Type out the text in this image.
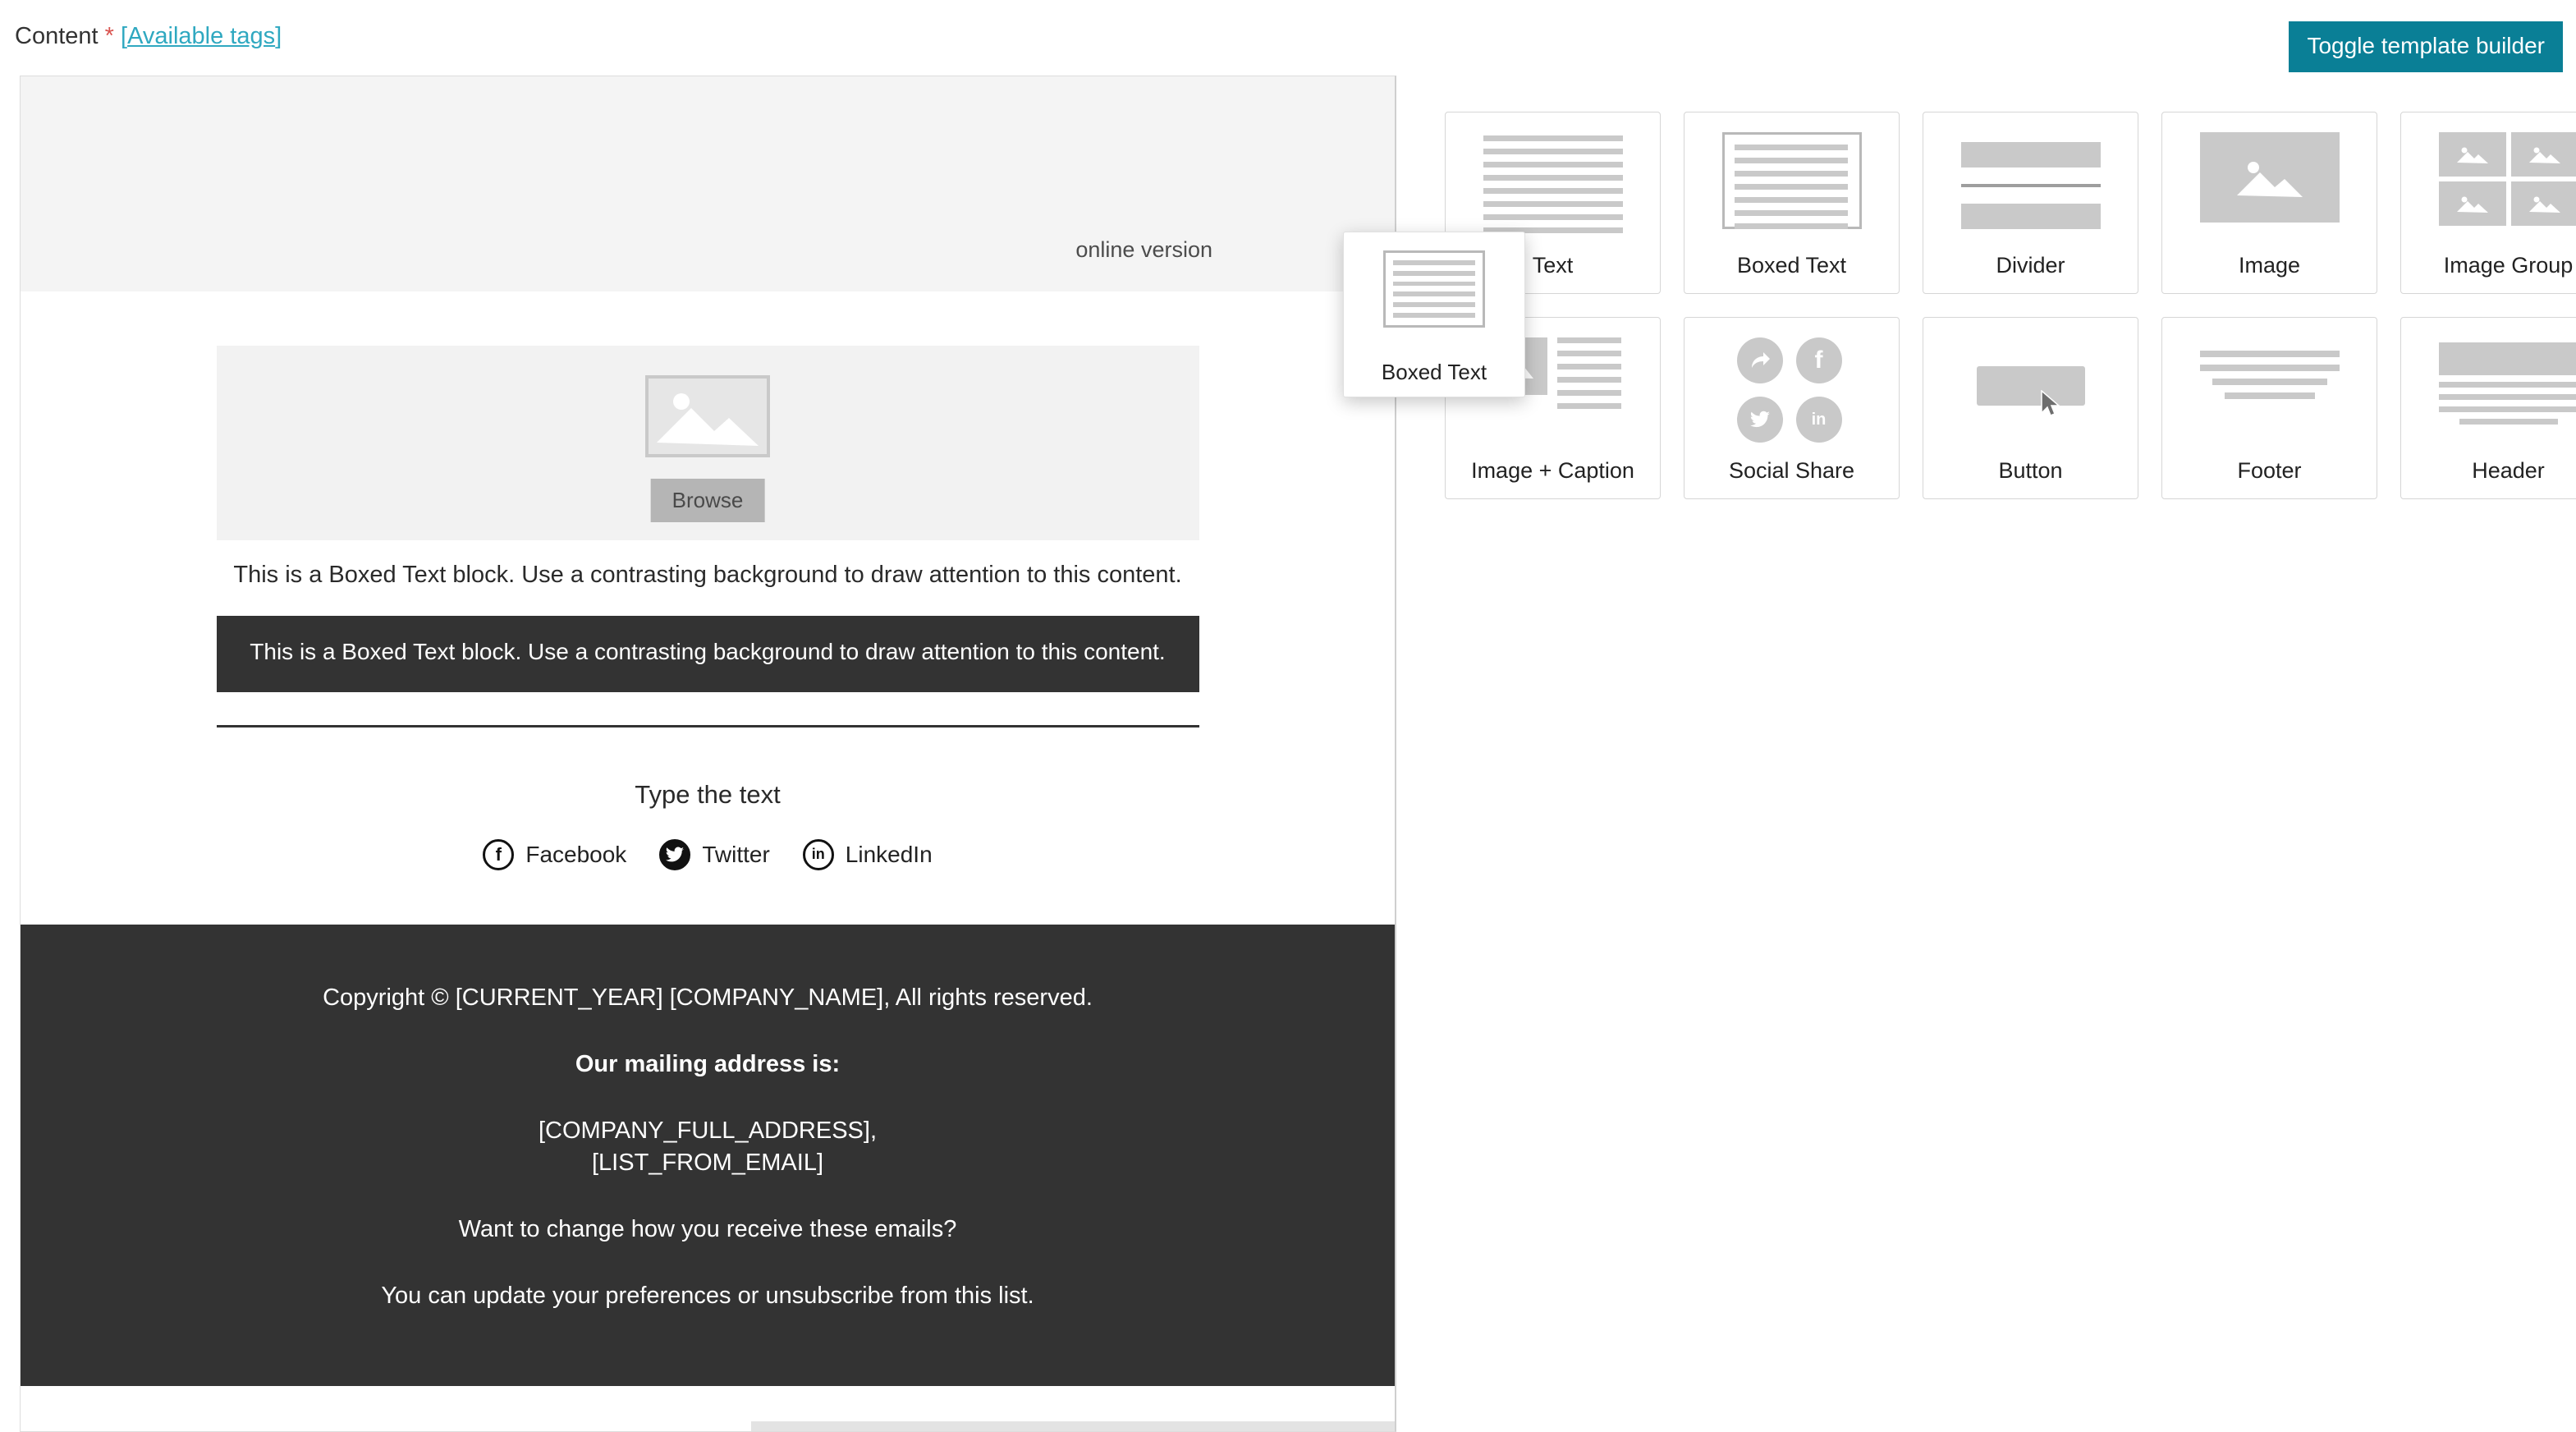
Content * [Available tags]	Toggle template builder
online version
Browse
This is a Boxed Text block. Use a contrasting background to draw attention to this content.
This is a Boxed Text block. Use a contrasting background to draw attention to this content.
Type the text
f	Facebook	Twitter	in LinkedIn

Copyright © [CURRENT_YEAR] [COMPANY_NAME], All rights reserved.

Our mailing address is:

[COMPANY_FULL_ADDRESS],
[LIST_FROM_EMAIL]

Want to change how you receive these emails?

You can update your preferences or unsubscribe from this list.

Text	Boxed Text	Divider	Image	Image Group
Image + Caption
f
in
Social Share	Button	Footer	Header
Boxed Text
